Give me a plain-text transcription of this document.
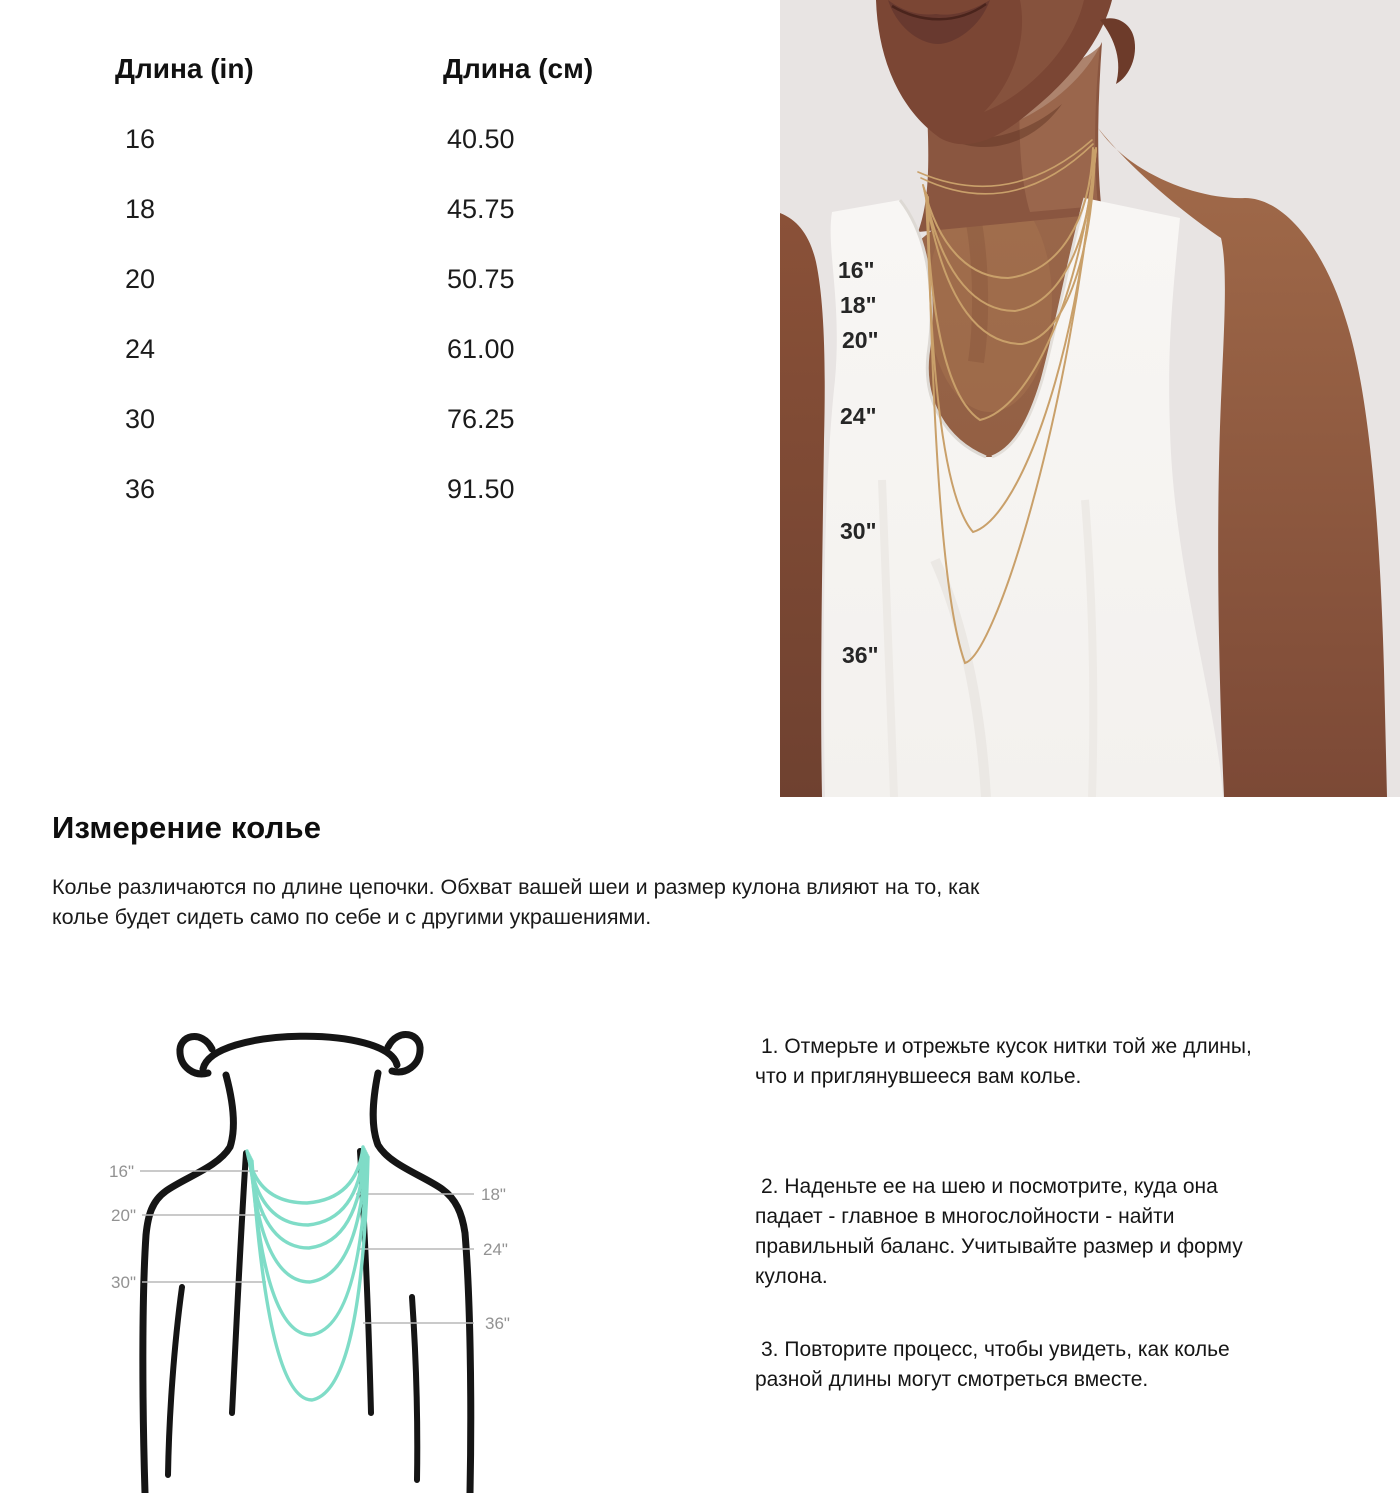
Длина (in)	Длина (см)
16	40.50
18	45.75
20	50.75
24	61.00
30	76.25
36	91.50
16"
18"
20"
24"
30"
36"
Измерение колье

Колье различаются по длине цепочки. Обхват вашей шеи и размер кулона влияют на то, как колье будет сидеть само по себе и с другими украшениями.

16"
20"
30"
18"
24"
36"

1. Отмерьте и отрежьте кусок нитки той же длины, что и приглянувшееся вам колье.

2. Наденьте ее на шею и посмотрите, куда она падает - главное в многослойности - найти правильный баланс. Учитывайте размер и форму кулона.

3. Повторите процесс, чтобы увидеть, как колье разной длины могут смотреться вместе.
